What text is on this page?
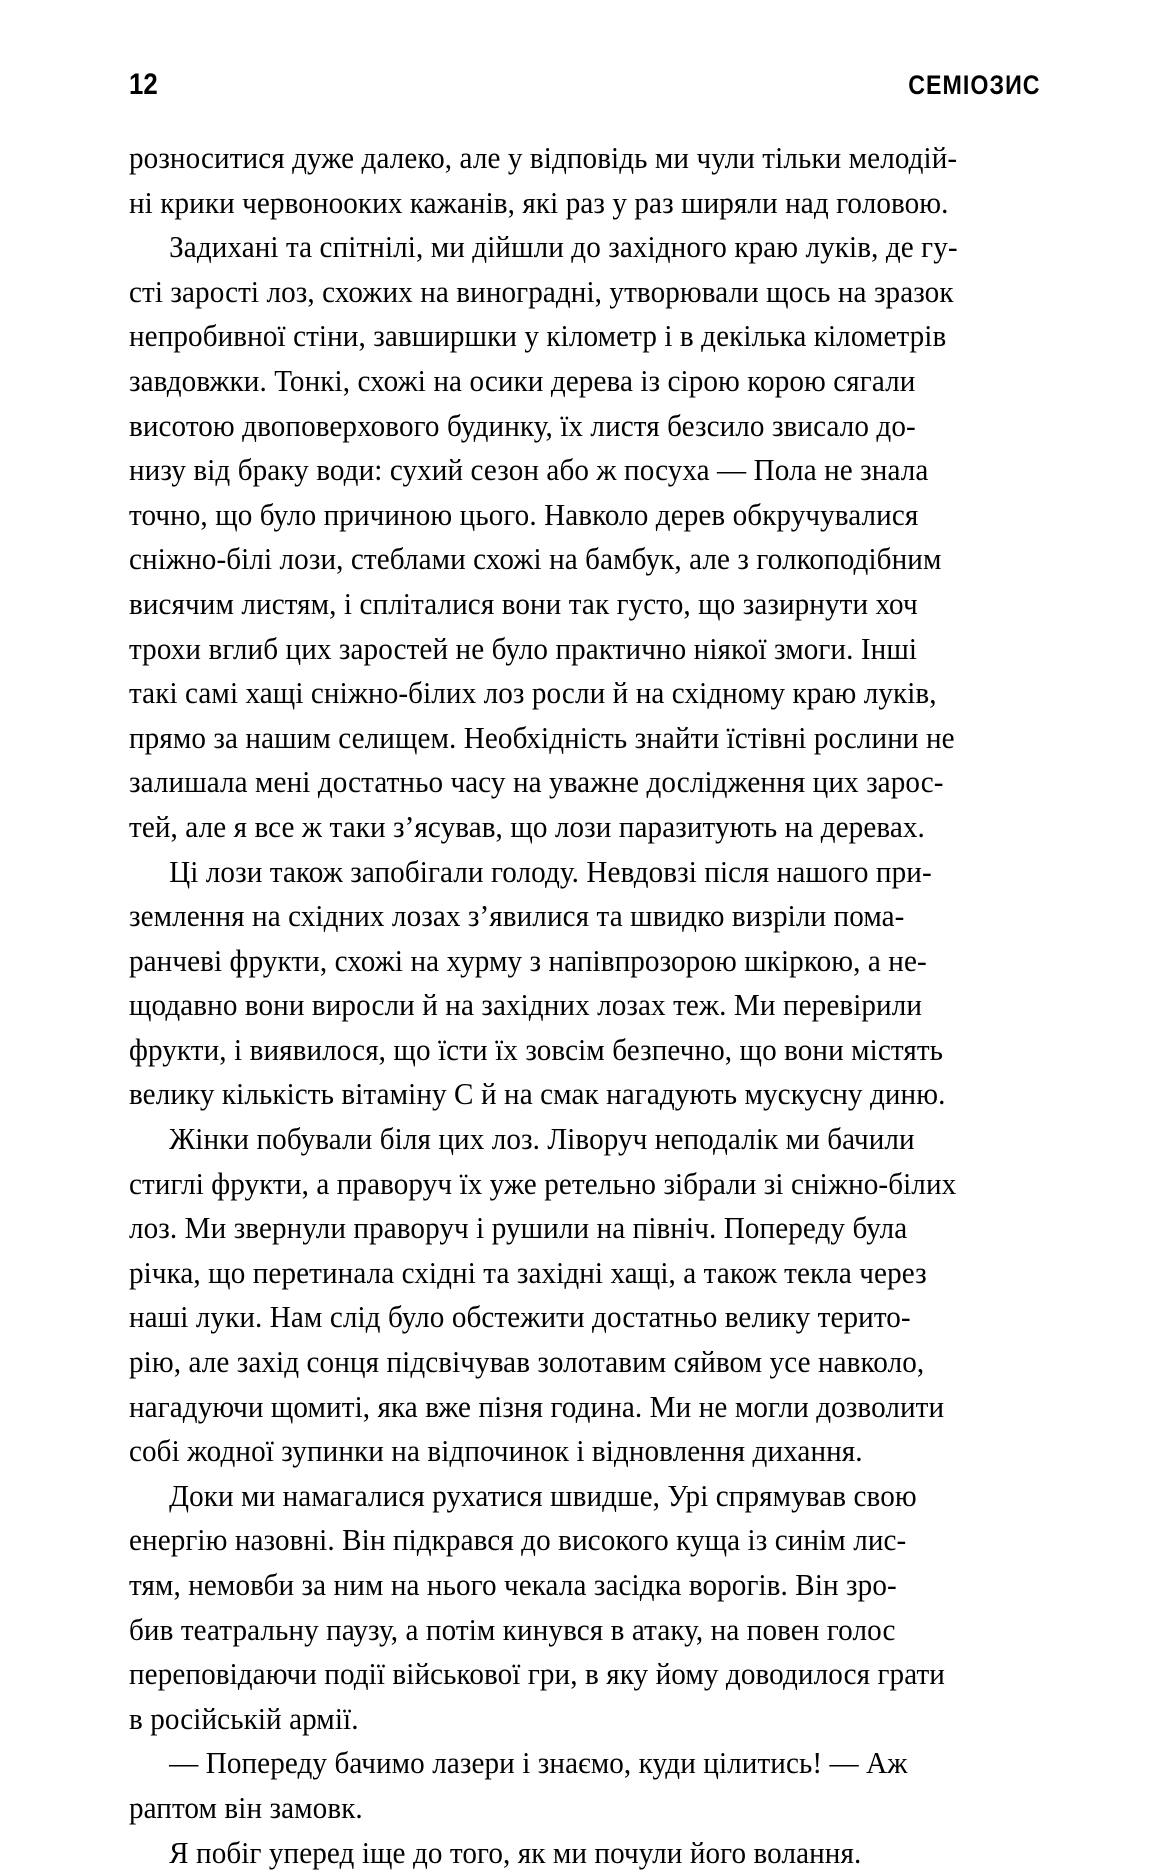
12	СЕМІОЗИС
розноситися дуже далеко, але у відповідь ми чули тільки мелодій-
ні крики червонооких кажанів, які раз у раз ширяли над головою.
Задихані та спітнілі, ми дійшли до західного краю луків, де гу-
сті зарості лоз, схожих на виноградні, утворювали щось на зразок
непробивної стіни, завширшки у кілометр і в декілька кілометрів
завдовжки. Тонкі, схожі на осики дерева із сірою корою сягали
висотою двоповерхового будинку, їх листя безсило звисало до-
низу від браку води: сухий сезон або ж посуха — Пола не знала
точно, що було причиною цього. Навколо дерев обкручувалися
сніжно-білі лози, стеблами схожі на бамбук, але з голкоподібним
висячим листям, і спліталися вони так густо, що зазирнути хоч
трохи вглиб цих заростей не було практично ніякої змоги. Інші
такі самі хащі сніжно-білих лоз росли й на східному краю луків,
прямо за нашим селищем. Необхідність знайти їстівні рослини не
залишала мені достатньо часу на уважне дослідження цих зарос-
тей, але я все ж таки з’ясував, що лози паразитують на деревах.
Ці лози також запобігали голоду. Невдовзі після нашого при-
землення на східних лозах з’явилися та швидко визріли пома-
ранчеві фрукти, схожі на хурму з напівпрозорою шкіркою, а не-
щодавно вони виросли й на західних лозах теж. Ми перевірили
фрукти, і виявилося, що їсти їх зовсім безпечно, що вони містять
велику кількість вітаміну С й на смак нагадують мускусну диню.
Жінки побували біля цих лоз. Ліворуч неподалік ми бачили
стиглі фрукти, а праворуч їх уже ретельно зібрали зі сніжно-білих
лоз. Ми звернули праворуч і рушили на північ. Попереду була
річка, що перетинала східні та західні хащі, а також текла через
наші луки. Нам слід було обстежити достатньо велику терито-
рію, але захід сонця підсвічував золотавим сяйвом усе навколо,
нагадуючи щомиті, яка вже пізня година. Ми не могли дозволити
собі жодної зупинки на відпочинок і відновлення дихання.
Доки ми намагалися рухатися швидше, Урі спрямував свою
енергію назовні. Він підкрався до високого куща із синім лис-
тям, немовби за ним на нього чекала засідка ворогів. Він зро-
бив театральну паузу, а потім кинувся в атаку, на повен голос
переповідаючи події військової гри, в яку йому доводилося грати
в російській армії.
— Попереду бачимо лазери і знаємо, куди цілитись! — Аж
раптом він замовк.
Я побіг уперед іще до того, як ми почули його волання.
